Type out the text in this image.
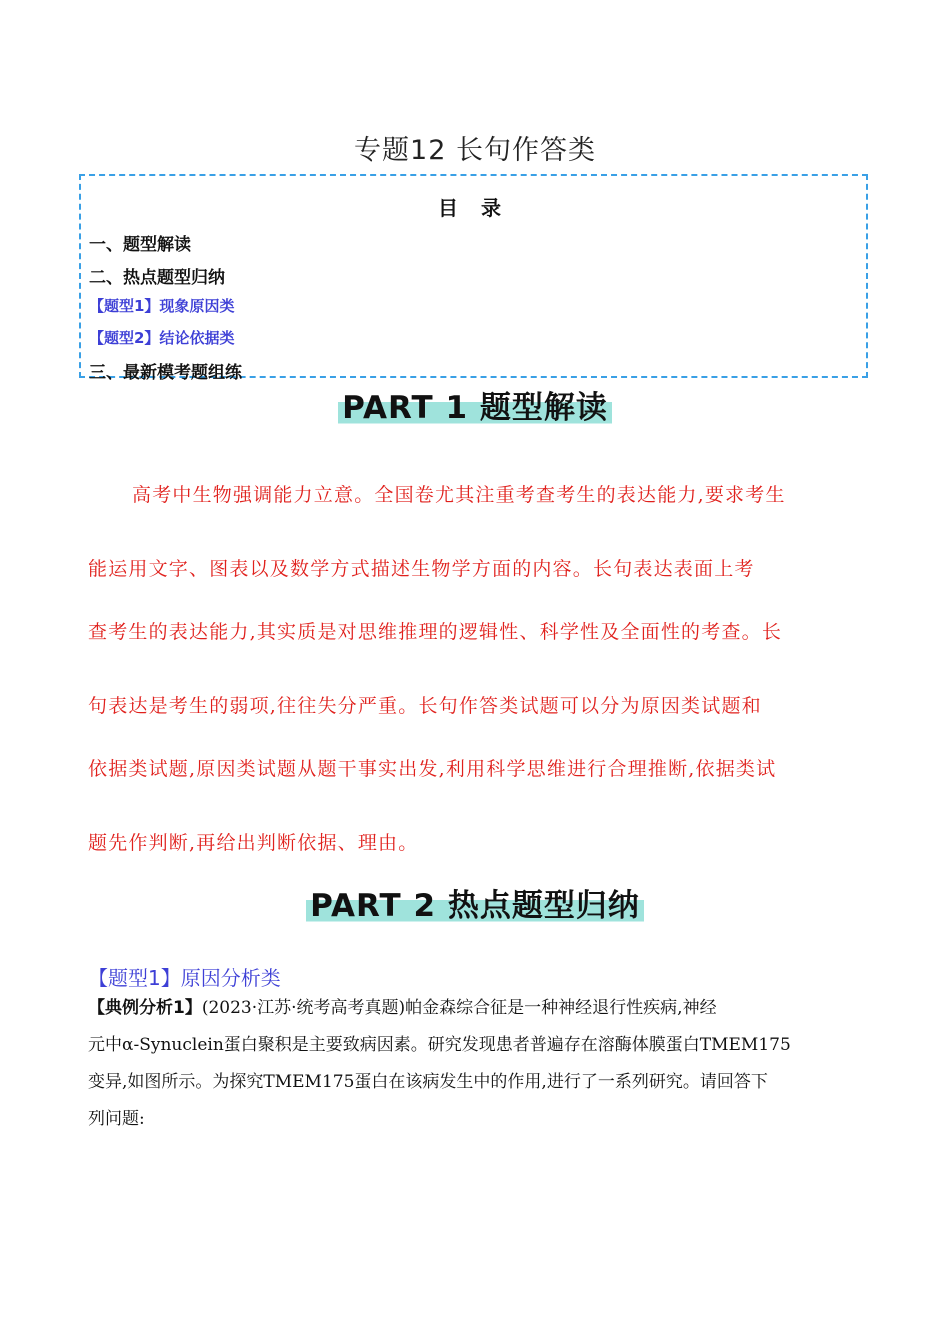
专题12 长句作答类
目 录
一、题型解读
二、热点题型归纳
【题型1】现象原因类
【题型2】结论依据类
三、最新模考题组练
PART 1 题型解读
高考中生物强调能力立意。全国卷尤其注重考查考生的表达能力,要求考生
能运用文字、图表以及数学方式描述生物学方面的内容。长句表达表面上考
查考生的表达能力,其实质是对思维推理的逻辑性、科学性及全面性的考查。长
句表达是考生的弱项,往往失分严重。长句作答类试题可以分为原因类试题和
依据类试题,原因类试题从题干事实出发,利用科学思维进行合理推断,依据类试
题先作判断,再给出判断依据、理由。
PART 2 热点题型归纳
【题型1】原因分析类
【典例分析1】(2023·江苏·统考高考真题)帕金森综合征是一种神经退行性疾病,神经
元中α-Synuclein蛋白聚积是主要致病因素。研究发现患者普遍存在溶酶体膜蛋白TMEM175
变异,如图所示。为探究TMEM175蛋白在该病发生中的作用,进行了一系列研究。请回答下
列问题:
